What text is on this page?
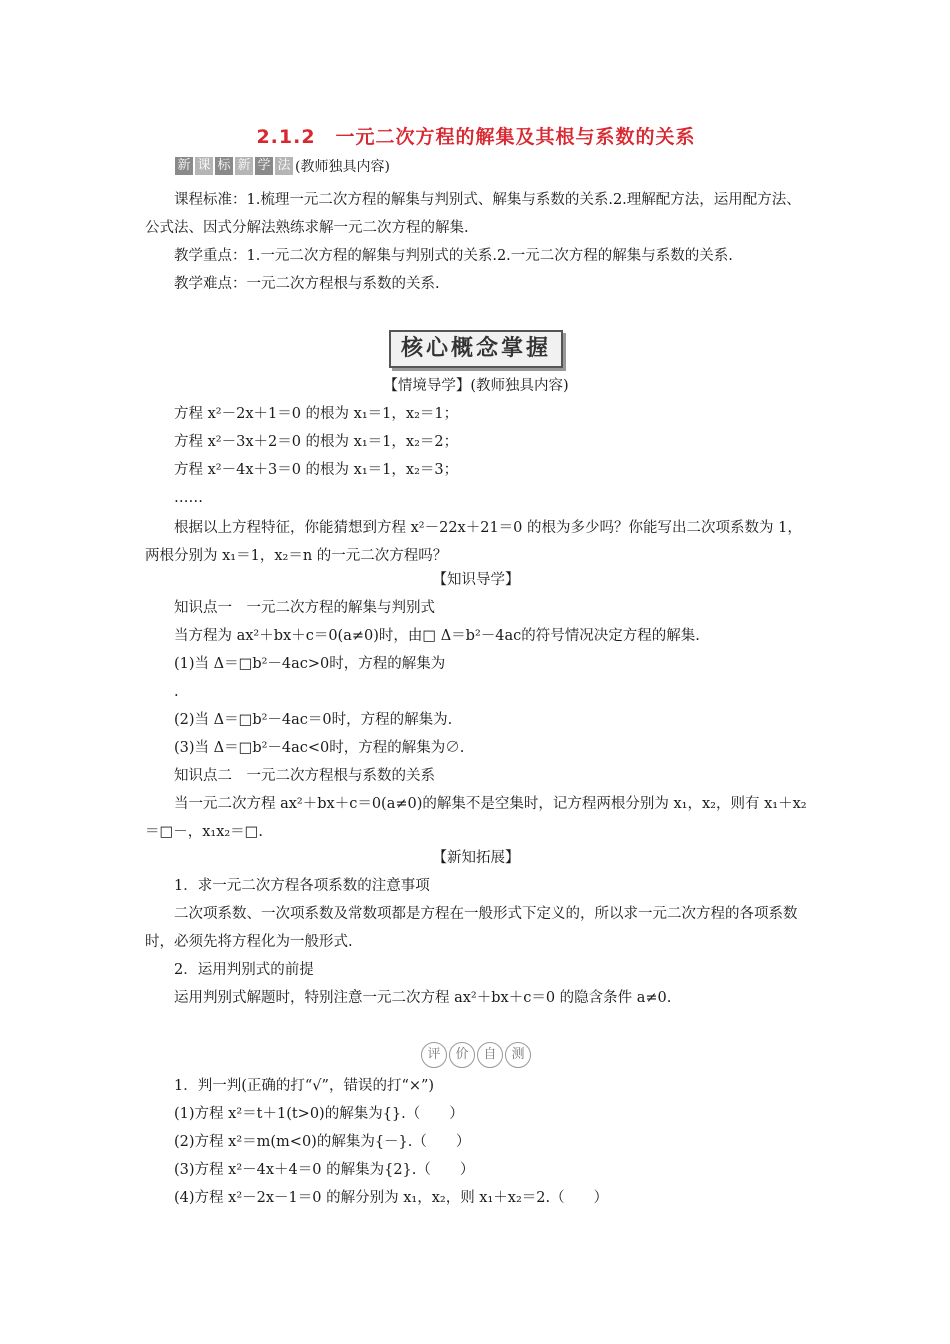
2.1.2　一元二次方程的解集及其根与系数的关系
新 课 标 新 学 法 (教师独具内容)

课程标准：1.梳理一元二次方程的解集与判别式、解集与系数的关系.2.理解配方法，运用配方法、公式法、因式分解法熟练求解一元二次方程的解集.

教学重点：1.一元二次方程的解集与判别式的关系.2.一元二次方程的解集与系数的关系.

教学难点：一元二次方程根与系数的关系.

核心概念掌握

【情境导学】(教师独具内容)

方程 x²－2x＋1＝0 的根为 x₁＝1，x₂＝1；

方程 x²－3x＋2＝0 的根为 x₁＝1，x₂＝2；

方程 x²－4x＋3＝0 的根为 x₁＝1，x₂＝3；

……

根据以上方程特征，你能猜想到方程 x²－22x＋21＝0 的根为多少吗？你能写出二次项系数为 1，两根分别为 x₁＝1，x₂＝n 的一元二次方程吗？

【知识导学】

知识点一　一元二次方程的解集与判别式

当方程为 ax²＋bx＋c＝0(a≠0)时，由□ Δ＝b²－4ac的符号情况决定方程的解集.

(1)当 Δ＝□b²－4ac>0时，方程的解集为

.

(2)当 Δ＝□b²－4ac＝0时，方程的解集为.

(3)当 Δ＝□b²－4ac<0时，方程的解集为∅.

知识点二　一元二次方程根与系数的关系

当一元二次方程 ax²＋bx＋c＝0(a≠0)的解集不是空集时，记方程两根分别为 x₁，x₂，则有 x₁＋x₂＝□－，x₁x₂＝□.

【新知拓展】

1．求一元二次方程各项系数的注意事项

二次项系数、一次项系数及常数项都是方程在一般形式下定义的，所以求一元二次方程的各项系数时，必须先将方程化为一般形式.

2．运用判别式的前提

运用判别式解题时，特别注意一元二次方程 ax²＋bx＋c＝0 的隐含条件 a≠0.

评	价	自	测

1．判一判(正确的打“√”，错误的打“×”)

(1)方程 x²＝t＋1(t>0)的解集为{}.（　　）

(2)方程 x²＝m(m<0)的解集为{－}.（　　）

(3)方程 x²－4x＋4＝0 的解集为{2}.（　　）

(4)方程 x²－2x－1＝0 的解分别为 x₁，x₂，则 x₁＋x₂＝2.（　　）
